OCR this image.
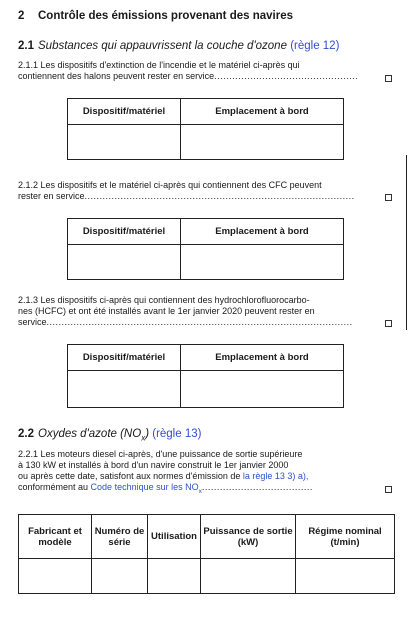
2 Contrôle des émissions provenant des navires
2.1 Substances qui appauvrissent la couche d'ozone (règle 12)
2.1.1 Les dispositifs d'extinction de l'incendie et le matériel ci-après qui
contiennent des halons peuvent rester en service................................................
Dispositif/matériel	Emplacement à bord

2.1.2 Les dispositifs et le matériel ci-après qui contiennent des CFC peuvent
rester en service..........................................................................................
Dispositif/matériel	Emplacement à bord

2.1.3 Les dispositifs ci-après qui contiennent des hydrochlorofluorocarbo-
nes (HCFC) et ont été installés avant le 1er janvier 2020 peuvent rester en
service......................................................................................................
Dispositif/matériel	Emplacement à bord

2.2 Oxydes d'azote $(NO_x)$ (règle 13)
2.2.1 Les moteurs diesel ci-après, d'une puissance de sortie supérieure
à 130 kW et installés à bord d'un navire construit le 1er janvier 2000
ou après cette date, satisfont aux normes d'émission de la règle 13 3) a),
conformément au Code technique sur les $NO_x$.....................................
Fabricant et modèle	Numéro de série	Utilisation	Puissance de sortie (kW)	Régime nominal (t/min)
